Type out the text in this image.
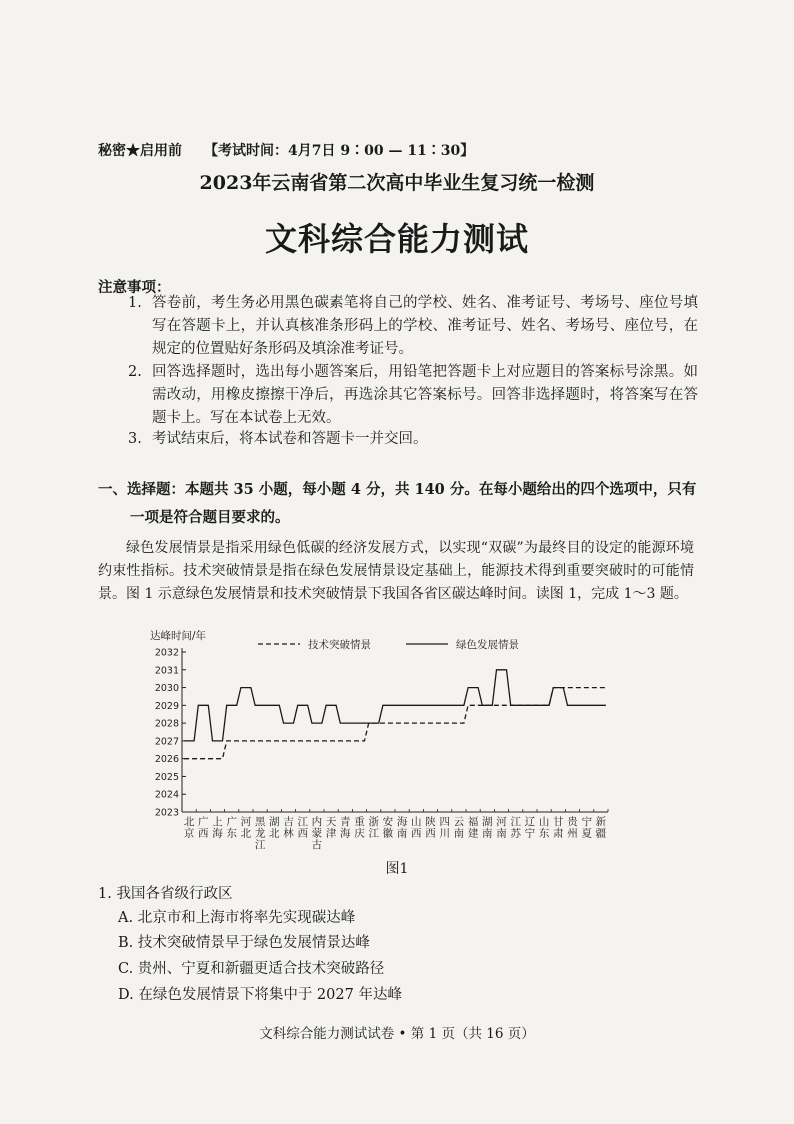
秘密★启用前 【考试时间：4月7日 9∶00 — 11∶30】
2023年云南省第二次高中毕业生复习统一检测
文科综合能力测试
注意事项：
1. 答卷前，考生务必用黑色碳素笔将自己的学校、姓名、准考证号、考场号、座位号填写在答题卡上，并认真核准条形码上的学校、准考证号、姓名、考场号、座位号，在规定的位置贴好条形码及填涂准考证号。
2. 回答选择题时，选出每小题答案后，用铅笔把答题卡上对应题目的答案标号涂黑。如需改动，用橡皮擦擦干净后，再选涂其它答案标号。回答非选择题时，将答案写在答题卡上。写在本试卷上无效。
3. 考试结束后，将本试卷和答题卡一并交回。
一、选择题：本题共 35 小题，每小题 4 分，共 140 分。在每小题给出的四个选项中，只有
一项是符合题目要求的。
绿色发展情景是指采用绿色低碳的经济发展方式，以实现“双碳”为最终目的设定的能源环境约束性指标。技术突破情景是指在绿色发展情景设定基础上，能源技术得到重要突破时的可能情景。图 1 示意绿色发展情景和技术突破情景下我国各省区碳达峰时间。读图 1，完成 1～3 题。
达峰时间/年
2023
2024
2025
2026
2027
2028
2029
2030
2031
2032
北京
广西
上海
广东
河北
黑龙江
湖北
吉林
江西
内蒙古
天津
青海
重庆
浙江
安徽
海南
山西
陕西
四川
云南
福建
湖南
河南
江苏
辽宁
山东
甘肃
贵州
宁夏
新疆
技术突破情景	绿色发展情景
图1
1. 我国各省级行政区
A. 北京市和上海市将率先实现碳达峰
B. 技术突破情景早于绿色发展情景达峰
C. 贵州、宁夏和新疆更适合技术突破路径
D. 在绿色发展情景下将集中于 2027 年达峰
文科综合能力测试试卷 • 第 1 页（共 16 页）
